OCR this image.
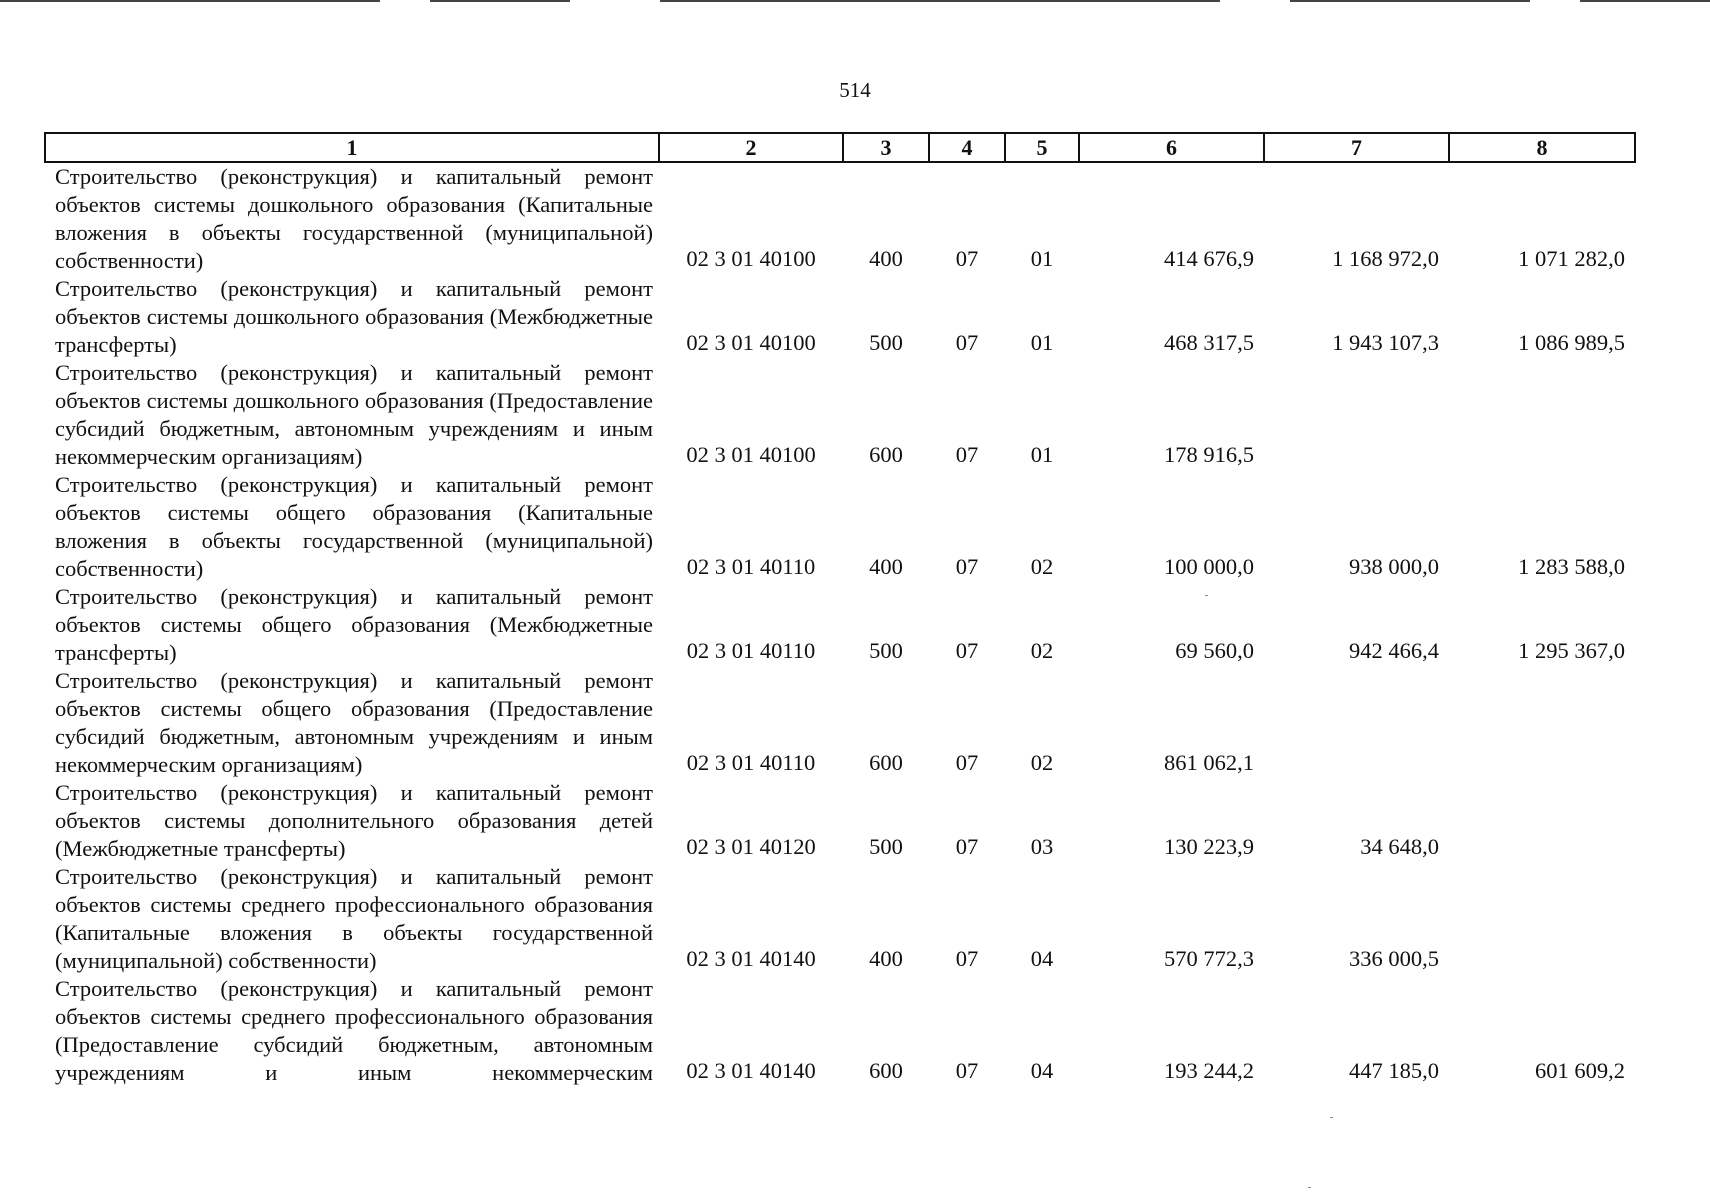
514
1	2	3	4	5	6	7	8
Строительство (реконструкция) и капитальный ремонт объектов системы дошкольного образования (Капитальные вложения в объекты государственной (муниципальной) собственности)	02 3 01 40100	400	07	01	414 676,9	1 168 972,0	1 071 282,0
Строительство (реконструкция) и капитальный ремонт объектов системы дошкольного образования (Межбюджетные трансферты)	02 3 01 40100	500	07	01	468 317,5	1 943 107,3	1 086 989,5
Строительство (реконструкция) и капитальный ремонт объектов системы дошкольного образования (Предоставление субсидий бюджетным, автономным учреждениям и иным некоммерческим организациям)	02 3 01 40100	600	07	01	178 916,5		
Строительство (реконструкция) и капитальный ремонт объектов системы общего образования (Капитальные вложения в объекты государственной (муниципальной) собственности)	02 3 01 40110	400	07	02	100 000,0	938 000,0	1 283 588,0
Строительство (реконструкция) и капитальный ремонт объектов системы общего образования (Межбюджетные трансферты)	02 3 01 40110	500	07	02	69 560,0	942 466,4	1 295 367,0
Строительство (реконструкция) и капитальный ремонт объектов системы общего образования (Предоставление субсидий бюджетным, автономным учреждениям и иным некоммерческим организациям)	02 3 01 40110	600	07	02	861 062,1		
Строительство (реконструкция) и капитальный ремонт объектов системы дополнительного образования детей (Межбюджетные трансферты)	02 3 01 40120	500	07	03	130 223,9	34 648,0	
Строительство (реконструкция) и капитальный ремонт объектов системы среднего профессионального образования (Капитальные вложения в объекты государственной (муниципальной) собственности)	02 3 01 40140	400	07	04	570 772,3	336 000,5	
Строительство (реконструкция) и капитальный ремонт объектов системы среднего профессионального образования (Предоставление субсидий бюджетным, автономным учреждениям и иным некоммерческим	02 3 01 40140	600	07	04	193 244,2	447 185,0	601 609,2
